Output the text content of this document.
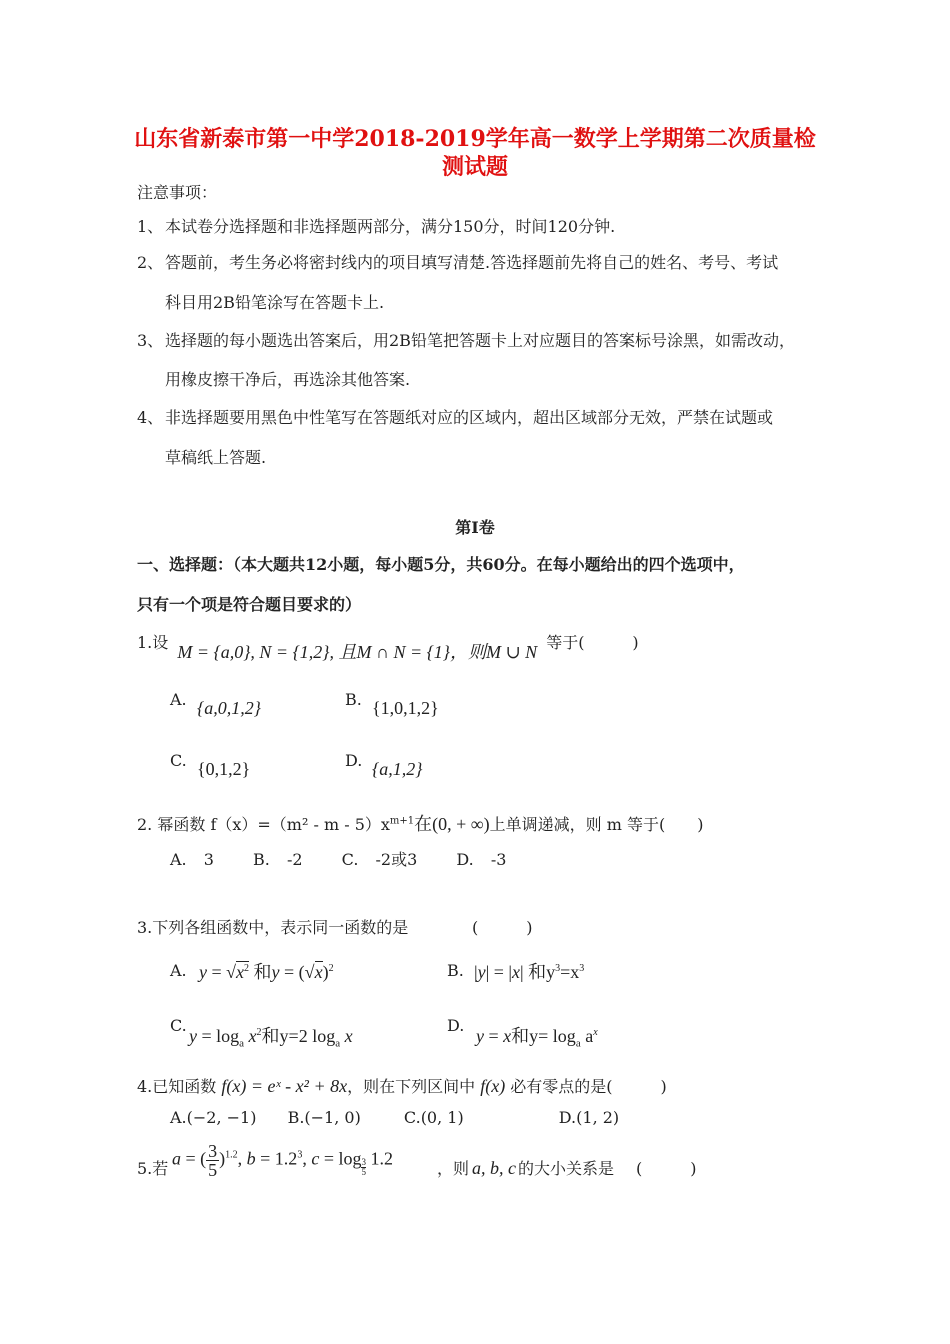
山东省新泰市第一中学2018-2019学年高一数学上学期第二次质量检
测试题
注意事项：
1、 本试卷分选择题和非选择题两部分，满分150分，时间120分钟.
2、 答题前，考生务必将密封线内的项目填写清楚.答选择题前先将自己的姓名、考号、考试
科目用2B铅笔涂写在答题卡上.
3、 选择题的每小题选出答案后，用2B铅笔把答题卡上对应题目的答案标号涂黑，如需改动，
用橡皮擦干净后，再选涂其他答案.
4、 非选择题要用黑色中性笔写在答题纸对应的区域内，超出区域部分无效，严禁在试题或
草稿纸上答题.
第Ⅰ卷
一、选择题：（本大题共12小题，每小题5分，共60分。在每小题给出的四个选项中，
只有一个项是符合题目要求的）
1.设 M = {a,0}, N = {1,2}, 且M ∩ N = {1}，则M ∪ N 等于(　　　)
A. {a,0,1,2}	B. {1,0,1,2}
C. {0,1,2}	D. {a,1,2}
2. 幂函数 $f(x)=(m^2 - m - 5)x^{m+1}$在(0, + ∞)上单调递减，则 m 等于(　　)
A. 3 B. -2 C. -2或3 D. -3
3.下列各组函数中，表示同一函数的是	(　　　)
A. $y = √x^2$ 和$y = (√x)^2$	B. |y| = |x| 和$y^3=x^3$
C.
$y = \log_a x^2$和y=2 $\log_a x$
D.
y = x和$y= \log_a a^x$
4.已知函数 f(x) = eˣ - x² + 8x，则在下列区间中 f(x) 必有零点的是(　　　)
A.(−2, −1) B.(−1, 0)	C.(0, 1)	D.(1, 2)
5.若 a = ( $\frac{3}{5} )^{1.2}$, $b = 1.2^3$, $c = \log \frac{3}{5} 1.2$	，则 a, b, c 的大小关系是 (　　　)
